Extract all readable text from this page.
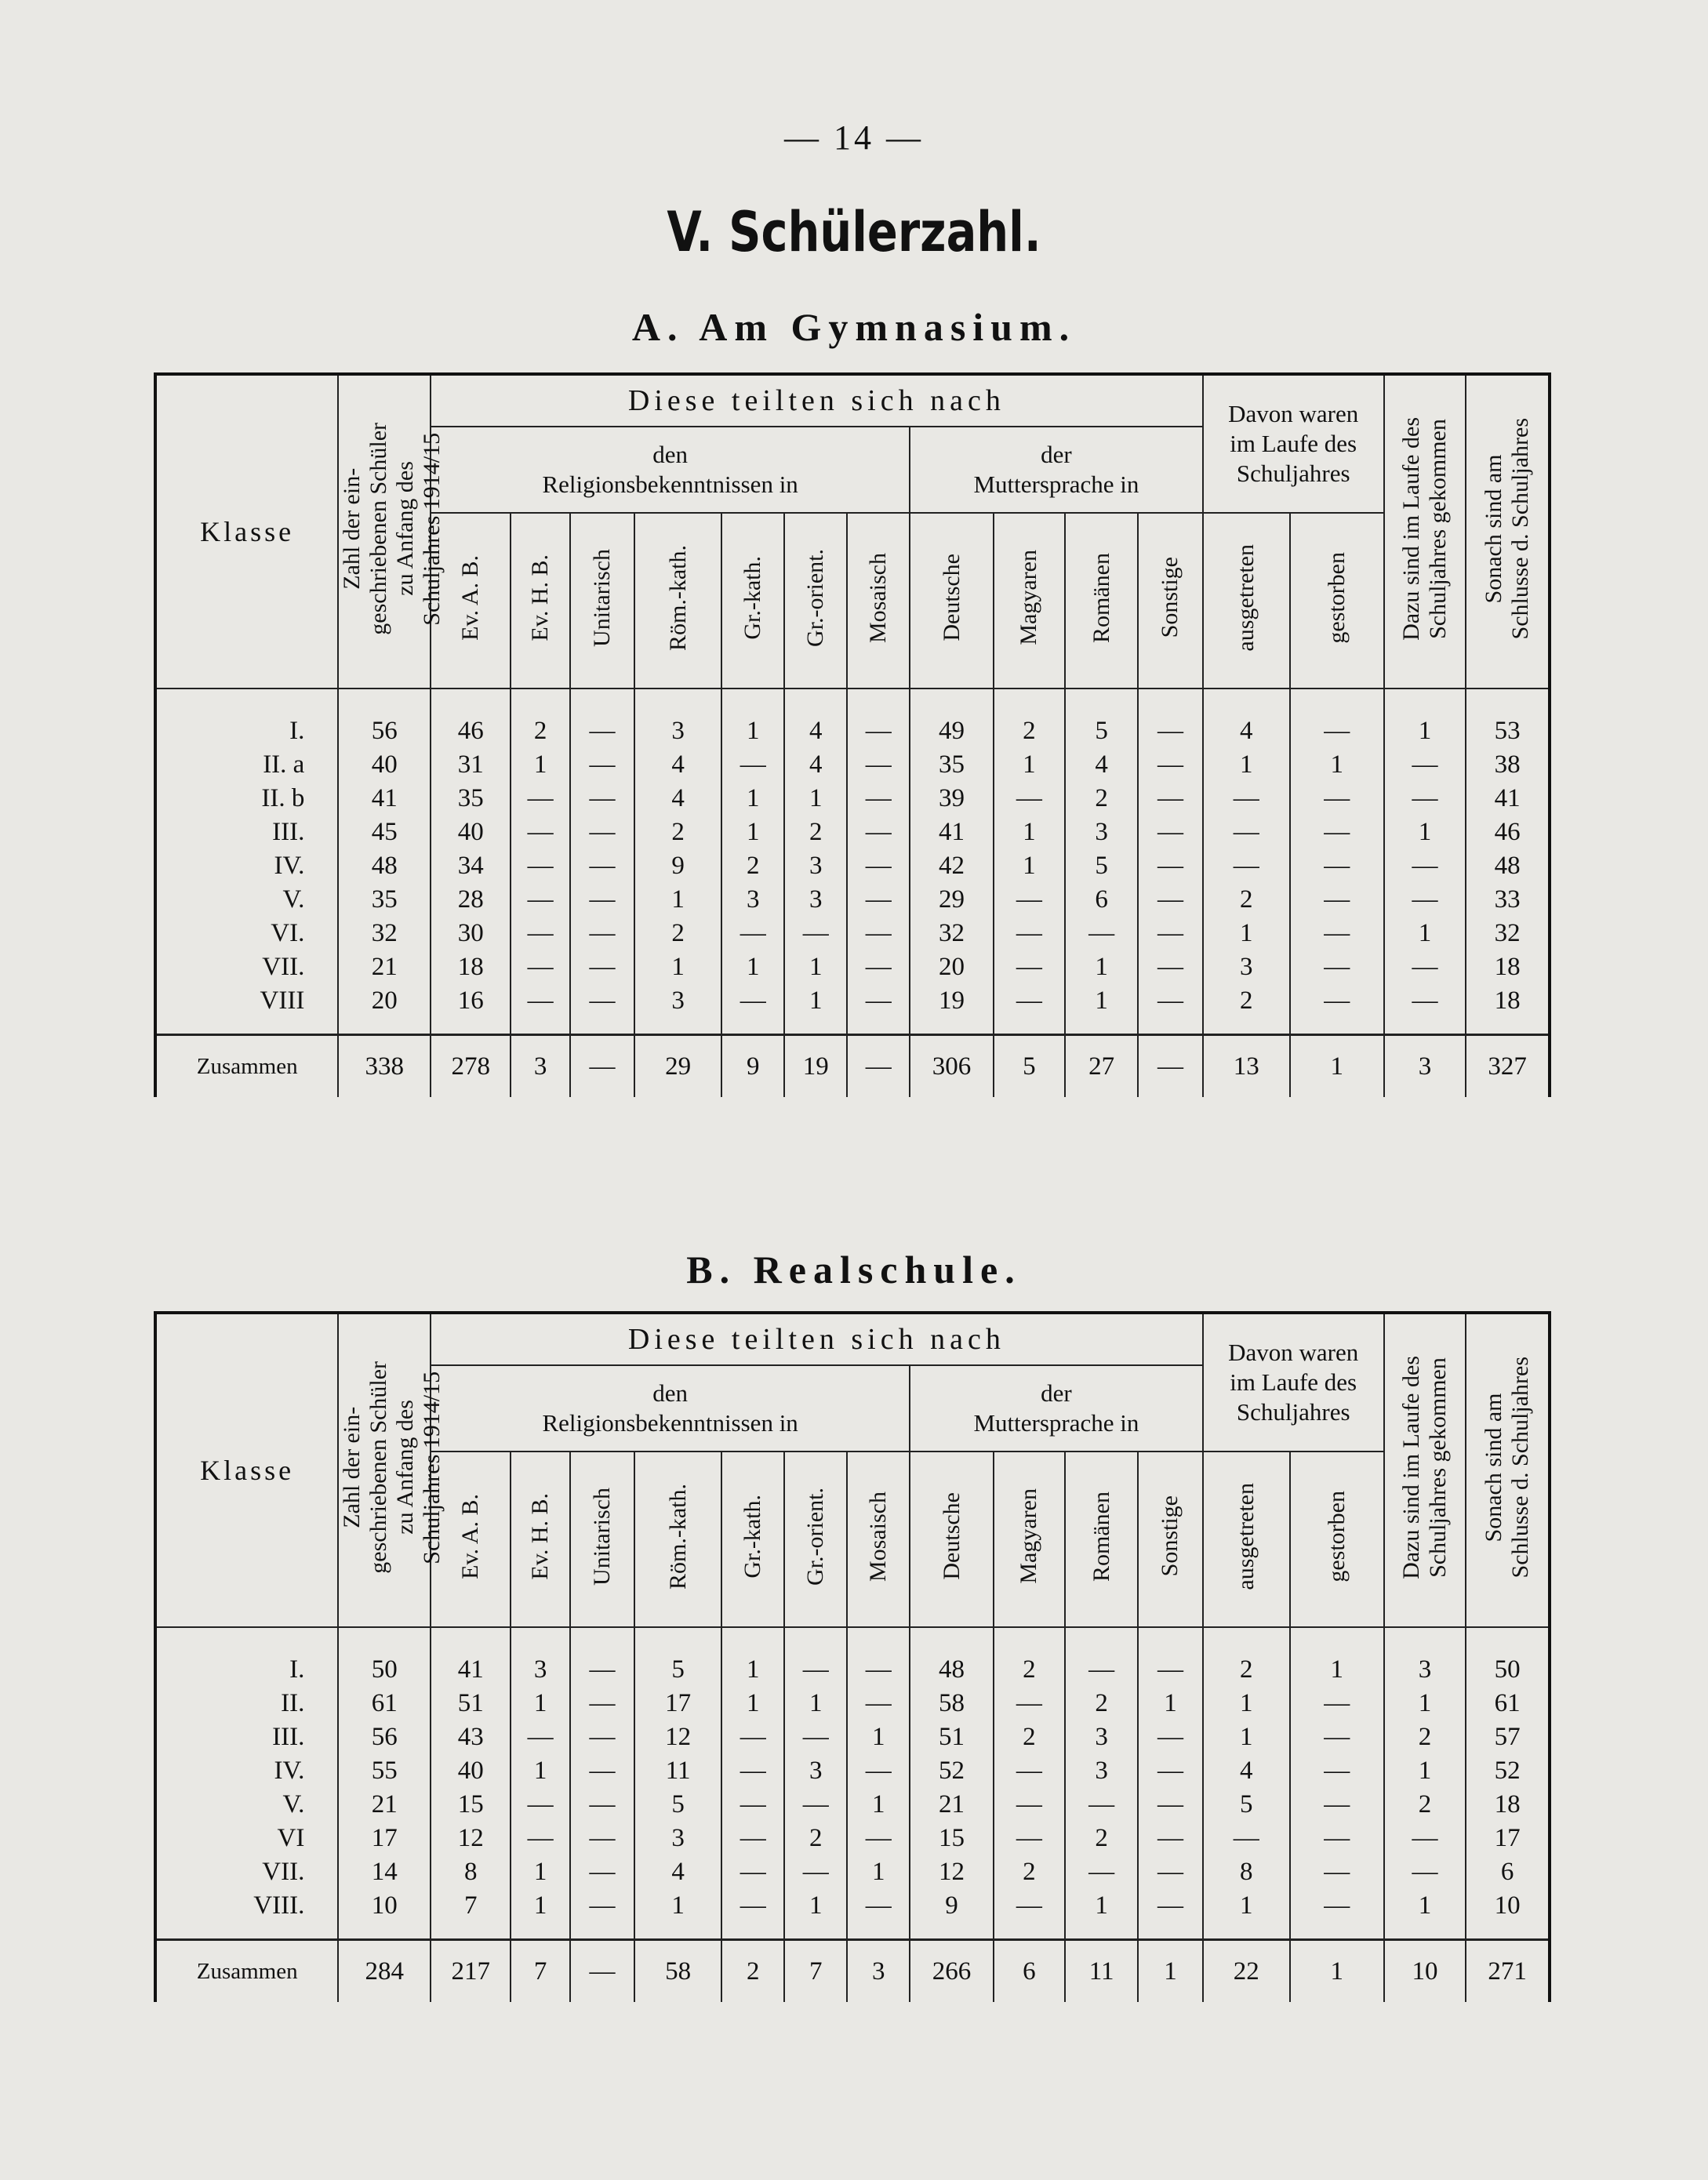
— 14 —
V. Schülerzahl.
A. Am Gymnasium.
Klasse	Zahl der ein-
geschriebenen Schüler
zu Anfang des
Schuljahres 1914/15	Diese teilten sich nach											Davon waren
im Laufe des
Schuljahres		Dazu sind im Laufe des
Schuljahres gekommen	Sonach sind am
Schlusse d. Schuljahres
		den
Religionsbekenntnissen in							der
Muttersprache in							
		Ev. A. B.	Ev. H. B.	Unitarisch	Röm.-kath.	Gr.-kath.	Gr.-orient.	Mosaisch	Deutsche	Magyaren	Romänen	Sonstige	ausgetreten	gestorben		

I.	56	46	2	—	3	1	4	—	49	2	5	—	4	—	1	53
II. a	40	31	1	—	4	—	4	—	35	1	4	—	1	1	—	38
II. b	41	35	—	—	4	1	1	—	39	—	2	—	—	—	—	41
III.	45	40	—	—	2	1	2	—	41	1	3	—	—	—	1	46
IV.	48	34	—	—	9	2	3	—	42	1	5	—	—	—	—	48
V.	35	28	—	—	1	3	3	—	29	—	6	—	2	—	—	33
VI.	32	30	—	—	2	—	—	—	32	—	—	—	1	—	1	32
VII.	21	18	—	—	1	1	1	—	20	—	1	—	3	—	—	18
VIII	20	16	—	—	3	—	1	—	19	—	1	—	2	—	—	18

Zusammen	338	278	3	—	29	9	19	—	306	5	27	—	13	1	3	327
B. Realschule.
Klasse	Zahl der ein-
geschriebenen Schüler
zu Anfang des
Schuljahres 1914/15	Diese teilten sich nach											Davon waren
im Laufe des
Schuljahres		Dazu sind im Laufe des
Schuljahres gekommen	Sonach sind am
Schlusse d. Schuljahres
		den
Religionsbekenntnissen in							der
Muttersprache in							
		Ev. A. B.	Ev. H. B.	Unitarisch	Röm.-kath.	Gr.-kath.	Gr.-orient.	Mosaisch	Deutsche	Magyaren	Romänen	Sonstige	ausgetreten	gestorben		

I.	50	41	3	—	5	1	—	—	48	2	—	—	2	1	3	50
II.	61	51	1	—	17	1	1	—	58	—	2	1	1	—	1	61
III.	56	43	—	—	12	—	—	1	51	2	3	—	1	—	2	57
IV.	55	40	1	—	11	—	3	—	52	—	3	—	4	—	1	52
V.	21	15	—	—	5	—	—	1	21	—	—	—	5	—	2	18
VI	17	12	—	—	3	—	2	—	15	—	2	—	—	—	—	17
VII.	14	8	1	—	4	—	—	1	12	2	—	—	8	—	—	6
VIII.	10	7	1	—	1	—	1	—	9	—	1	—	1	—	1	10

Zusammen	284	217	7	—	58	2	7	3	266	6	11	1	22	1	10	271
